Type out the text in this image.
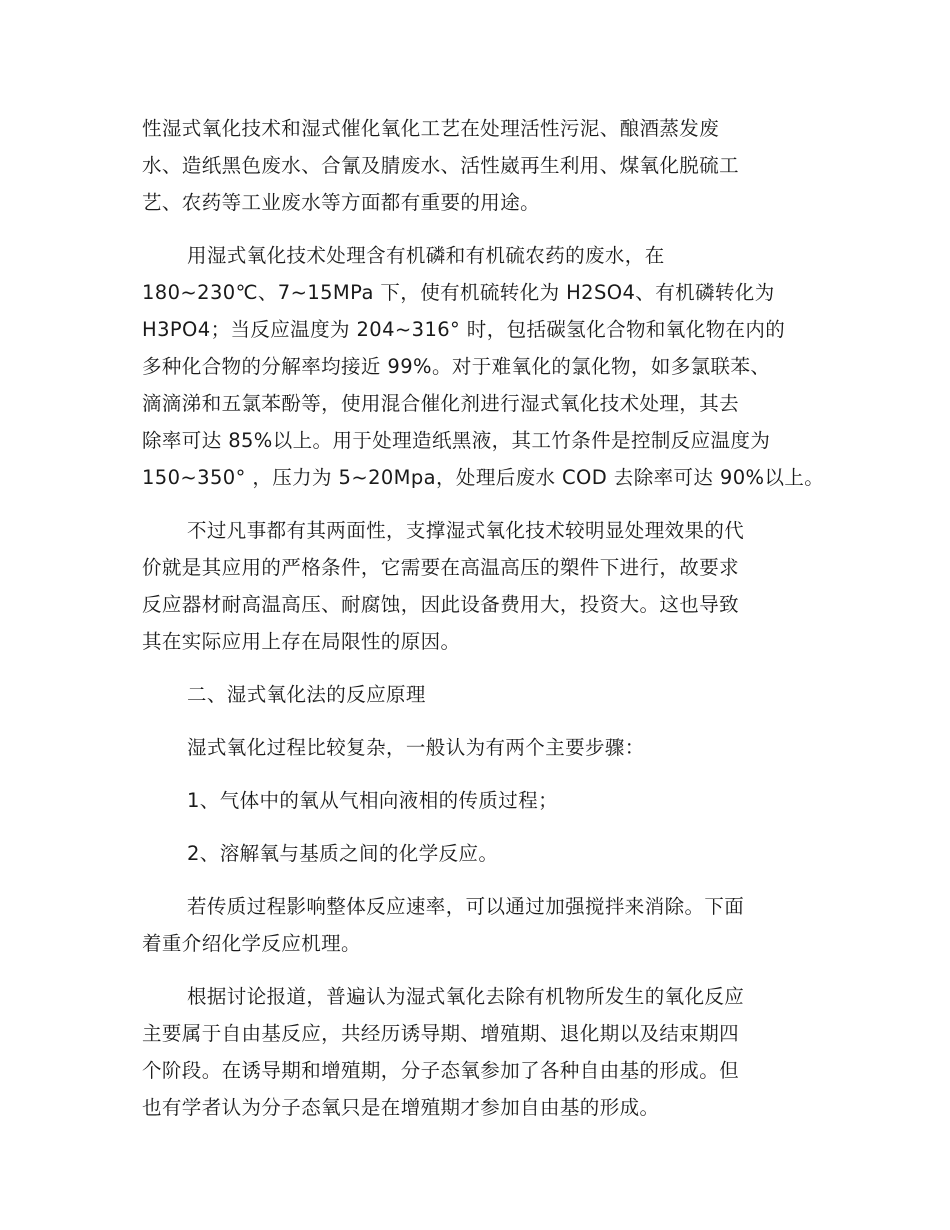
性湿式氧化技术和湿式催化氧化工艺在处理活性污泥、酿酒蒸发废
水、造纸黑色废水、合氰及腈废水、活性崴再生利用、煤氧化脱硫工
艺、农药等工业废水等方面都有重要的用途。

用湿式氧化技术处理含有机磷和有机硫农药的废水，在
180~230℃、7~15MPa 下，使有机硫转化为 H2SO4、有机磷转化为
H3PO4；当反应温度为 204~316° 时，包括碳氢化合物和氧化物在内的
多种化合物的分解率均接近 99%。对于难氧化的氯化物，如多氯联苯、
滴滴涕和五氯苯酚等，使用混合催化剂进行湿式氧化技术处理，其去
除率可达 85%以上。用于处理造纸黑液，其工竹条件是控制反应温度为
150~350° ，压力为 5~20Mpa，处理后废水 COD 去除率可达 90%以上。

不过凡事都有其两面性，支撑湿式氧化技术较明显处理效果的代
价就是其应用的严格条件，它需要在高温高压的槊件下进行，故要求
反应器材耐高温高压、耐腐蚀，因此设备费用大，投资大。这也导致
其在实际应用上存在局限性的原因。

二、湿式氧化法的反应原理

湿式氧化过程比较复杂，一般认为有两个主要步骤：

1、气体中的氧从气相向液相的传质过程；

2、溶解氧与基质之间的化学反应。

若传质过程影响整体反应速率，可以通过加强搅拌来消除。下面
着重介绍化学反应机理。

根据讨论报道，普遍认为湿式氧化去除有机物所发生的氧化反应
主要属于自由基反应，共经历诱导期、增殖期、退化期以及结束期四
个阶段。在诱导期和增殖期，分子态氧参加了各种自由基的形成。但
也有学者认为分子态氧只是在增殖期才参加自由基的形成。
